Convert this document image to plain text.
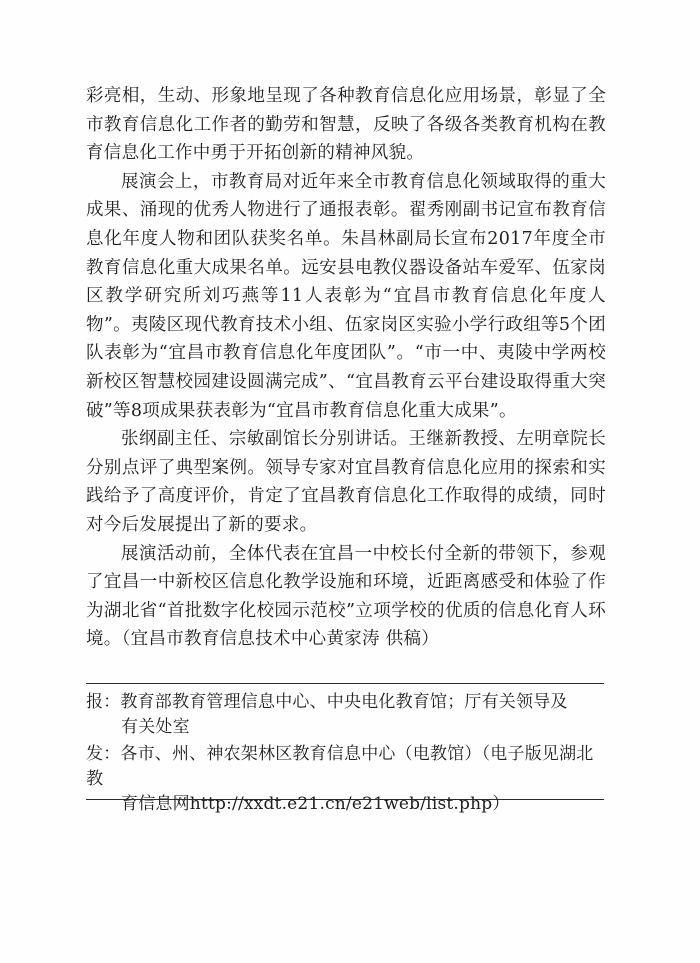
彩亮相，生动、形象地呈现了各种教育信息化应用场景，彰显了全市教育信息化工作者的勤劳和智慧，反映了各级各类教育机构在教育信息化工作中勇于开拓创新的精神风貌。

展演会上，市教育局对近年来全市教育信息化领域取得的重大成果、涌现的优秀人物进行了通报表彰。翟秀刚副书记宣布教育信息化年度人物和团队获奖名单。朱昌林副局长宣布2017年度全市教育信息化重大成果名单。远安县电教仪器设备站车爱军、伍家岗区教学研究所刘巧燕等11人表彰为“宜昌市教育信息化年度人物”。夷陵区现代教育技术小组、伍家岗区实验小学行政组等5个团队表彰为“宜昌市教育信息化年度团队”。“市一中、夷陵中学两校新校区智慧校园建设圆满完成”、“宜昌教育云平台建设取得重大突破”等8项成果获表彰为“宜昌市教育信息化重大成果”。

张纲副主任、宗敏副馆长分别讲话。王继新教授、左明章院长分别点评了典型案例。领导专家对宜昌教育信息化应用的探索和实践给予了高度评价，肯定了宜昌教育信息化工作取得的成绩，同时对今后发展提出了新的要求。

展演活动前，全体代表在宜昌一中校长付全新的带领下，参观了宜昌一中新校区信息化教学设施和环境，近距离感受和体验了作为湖北省“首批数字化校园示范校”立项学校的优质的信息化育人环境。（宜昌市教育信息技术中心黄家涛 供稿）

报：教育部教育管理信息中心、中央电化教育馆；厅有关领导及
有关处室
发：各市、州、神农架林区教育信息中心（电教馆）（电子版见湖北教
育信息网http://xxdt.e21.cn/e21web/list.php）
